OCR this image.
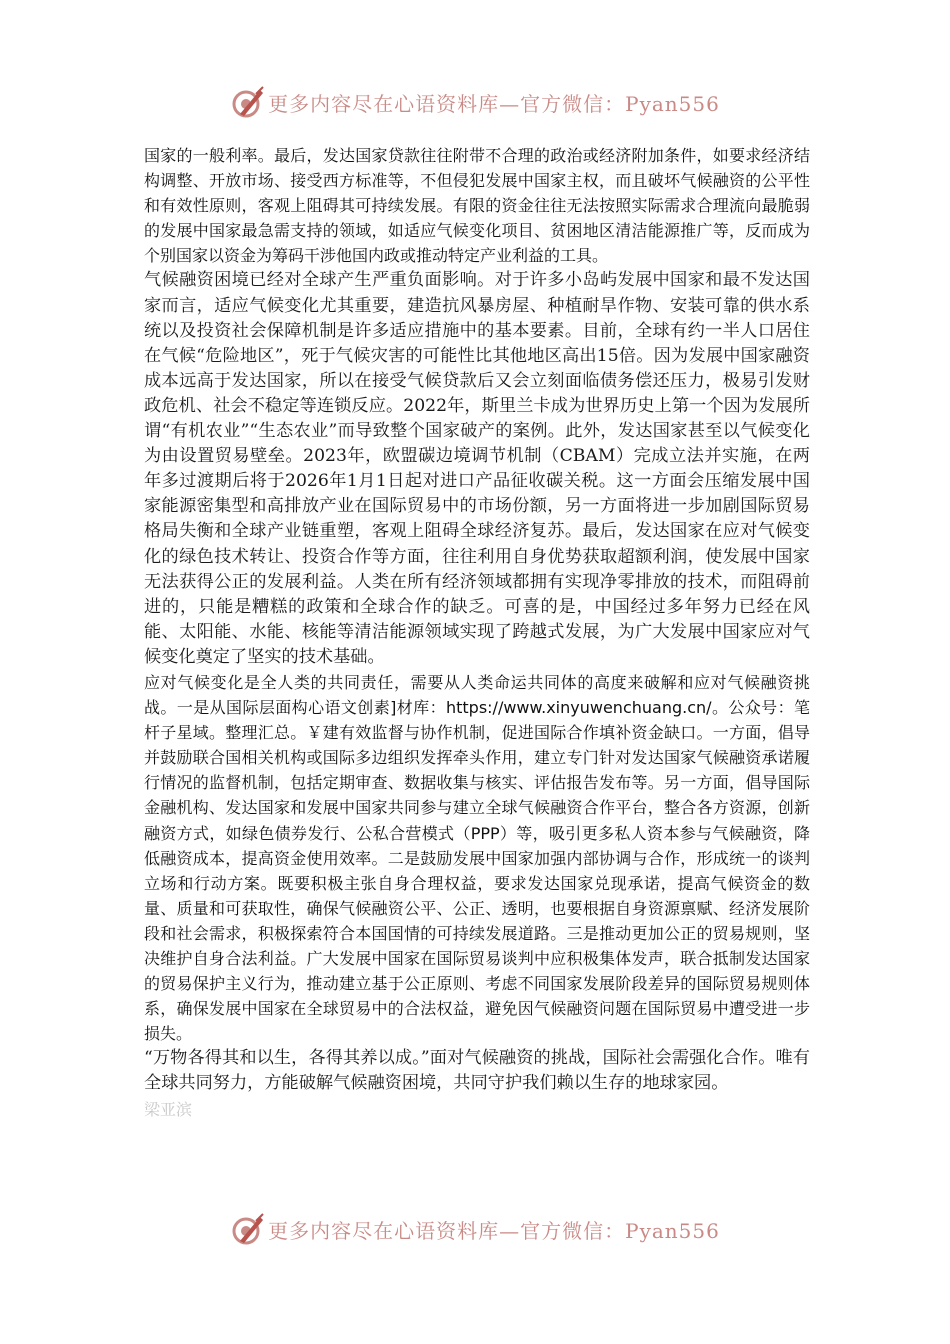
更多内容尽在心语资料库—官方微信：Pyan556

国家的一般利率。最后，发达国家贷款往往附带不合理的政治或经济附加条件，如要求经济结构调整、开放市场、接受西方标准等，不但侵犯发展中国家主权，而且破坏气候融资的公平性和有效性原则，客观上阻碍其可持续发展。有限的资金往往无法按照实际需求合理流向最脆弱的发展中国家最急需支持的领域，如适应气候变化项目、贫困地区清洁能源推广等，反而成为个别国家以资金为筹码干涉他国内政或推动特定产业利益的工具。

气候融资困境已经对全球产生严重负面影响。对于许多小岛屿发展中国家和最不发达国家而言，适应气候变化尤其重要，建造抗风暴房屋、种植耐旱作物、安装可靠的供水系统以及投资社会保障机制是许多适应措施中的基本要素。目前，全球有约一半人口居住在气候“危险地区”，死于气候灾害的可能性比其他地区高出15倍。因为发展中国家融资成本远高于发达国家，所以在接受气候贷款后又会立刻面临债务偿还压力，极易引发财政危机、社会不稳定等连锁反应。2022年，斯里兰卡成为世界历史上第一个因为发展所谓“有机农业”“生态农业”而导致整个国家破产的案例。此外，发达国家甚至以气候变化为由设置贸易壁垒。2023年，欧盟碳边境调节机制（CBAM）完成立法并实施，在两年多过渡期后将于2026年1月1日起对进口产品征收碳关税。这一方面会压缩发展中国家能源密集型和高排放产业在国际贸易中的市场份额，另一方面将进一步加剧国际贸易格局失衡和全球产业链重塑，客观上阻碍全球经济复苏。最后，发达国家在应对气候变化的绿色技术转让、投资合作等方面，往往利用自身优势获取超额利润，使发展中国家无法获得公正的发展利益。人类在所有经济领域都拥有实现净零排放的技术，而阻碍前进的，只能是糟糕的政策和全球合作的缺乏。可喜的是，中国经过多年努力已经在风能、太阳能、水能、核能等清洁能源领域实现了跨越式发展，为广大发展中国家应对气候变化奠定了坚实的技术基础。

应对气候变化是全人类的共同责任，需要从人类命运共同体的高度来破解和应对气候融资挑战。一是从国际层面构心语文创素]材库：https://www.xinyuwenchuang.cn/。公众号：笔杆子星域。整理汇总。￥建有效监督与协作机制，促进国际合作填补资金缺口。一方面，倡导并鼓励联合国相关机构或国际多边组织发挥牵头作用，建立专门针对发达国家气候融资承诺履行情况的监督机制，包括定期审查、数据收集与核实、评估报告发布等。另一方面，倡导国际金融机构、发达国家和发展中国家共同参与建立全球气候融资合作平台，整合各方资源，创新融资方式，如绿色债券发行、公私合营模式（PPP）等，吸引更多私人资本参与气候融资，降低融资成本，提高资金使用效率。二是鼓励发展中国家加强内部协调与合作，形成统一的谈判立场和行动方案。既要积极主张自身合理权益，要求发达国家兑现承诺，提高气候资金的数量、质量和可获取性，确保气候融资公平、公正、透明，也要根据自身资源禀赋、经济发展阶段和社会需求，积极探索符合本国国情的可持续发展道路。三是推动更加公正的贸易规则，坚决维护自身合法利益。广大发展中国家在国际贸易谈判中应积极集体发声，联合抵制发达国家的贸易保护主义行为，推动建立基于公正原则、考虑不同国家发展阶段差异的国际贸易规则体系，确保发展中国家在全球贸易中的合法权益，避免因气候融资问题在国际贸易中遭受进一步损失。

“万物各得其和以生，各得其养以成。”面对气候融资的挑战，国际社会需强化合作。唯有全球共同努力，方能破解气候融资困境，共同守护我们赖以生存的地球家园。

梁亚滨

更多内容尽在心语资料库—官方微信：Pyan556
